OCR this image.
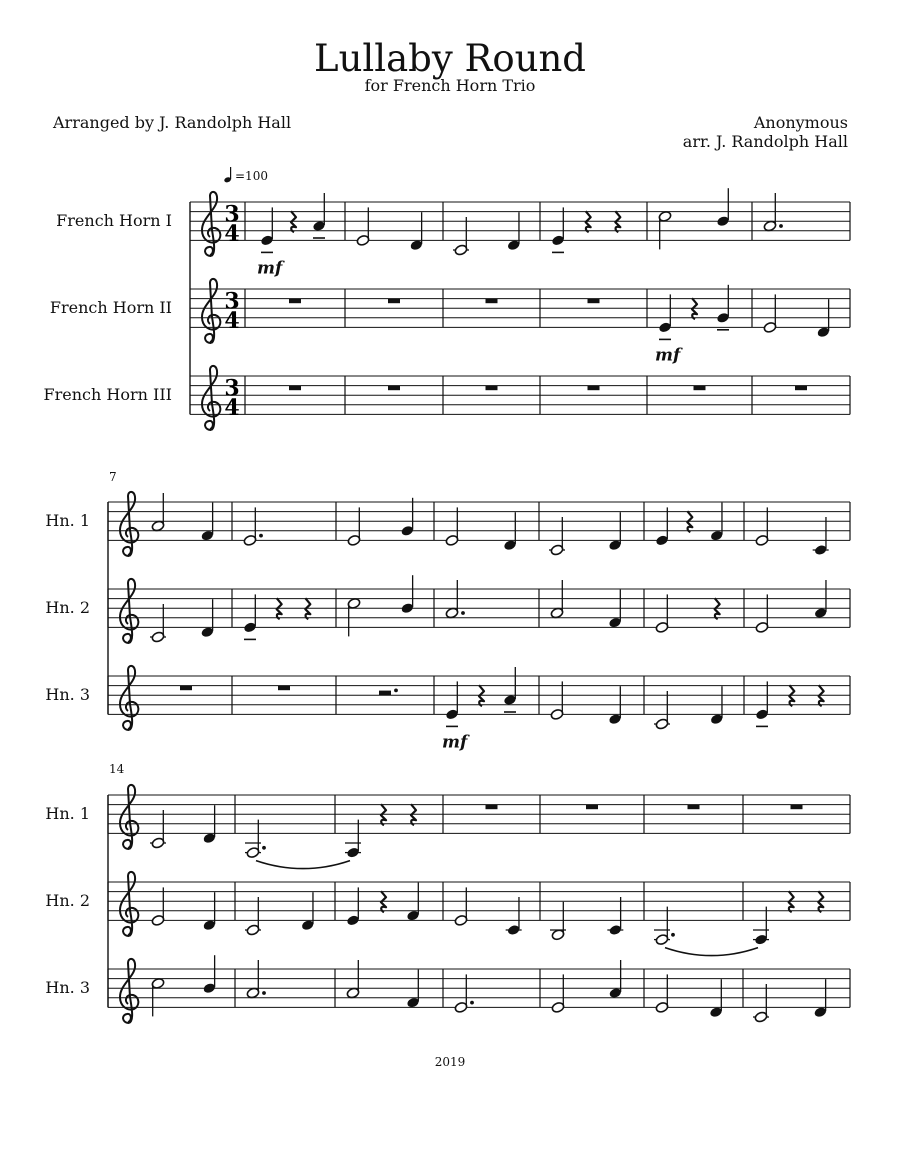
Lullaby Round
for French Horn Trio
Arranged by J. Randolph Hall	Anonymous
arr. J. Randolph Hall
=100
2019
French Horn I 3
4
French Horn II 3
4
French Horn III 3
4
mf
mf
7
Hn. 1
Hn. 2
Hn. 3
mf
14
Hn. 1
Hn. 2
Hn. 3
